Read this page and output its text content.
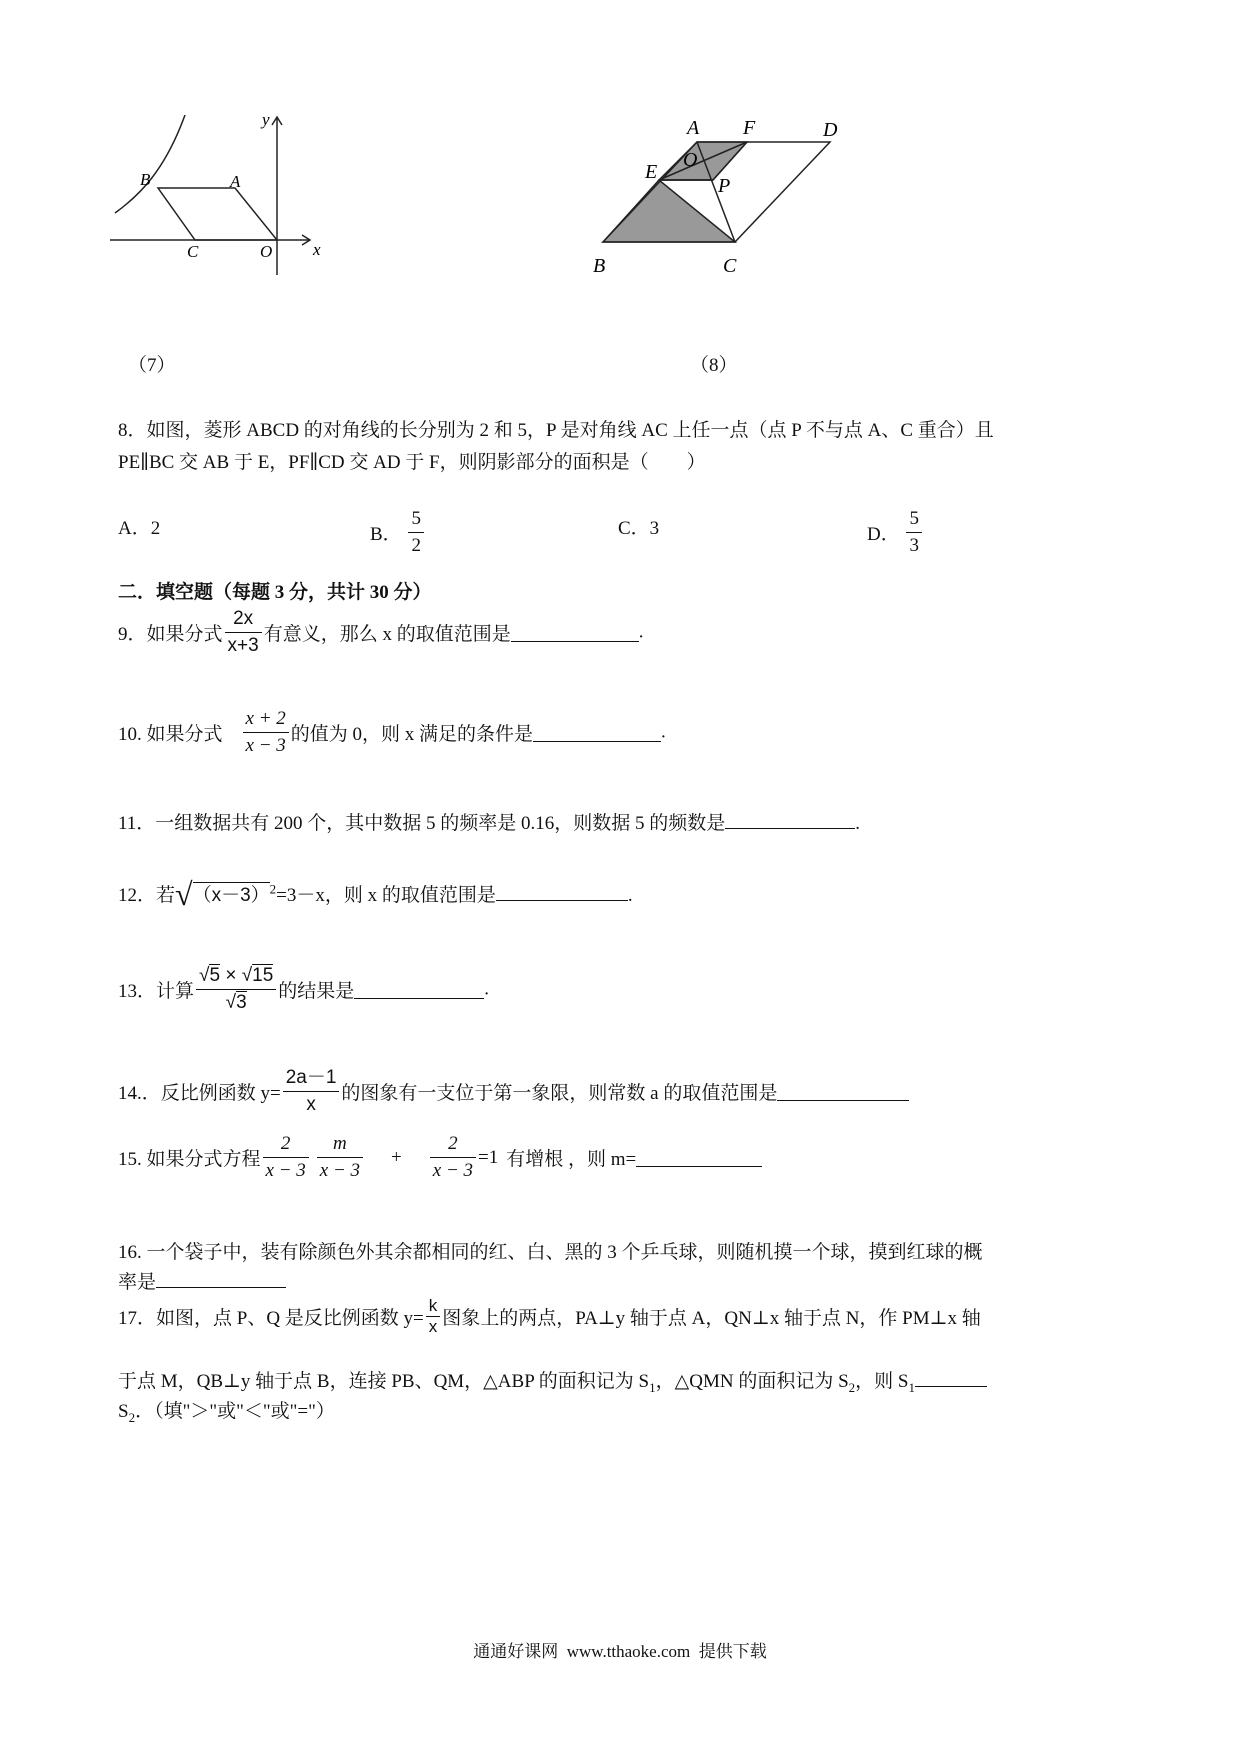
y
x
B	A
C	O
（7）
A F	D
O
E
P
B	C
（8）
8．如图，菱形 ABCD 的对角线的长分别为 2 和 5，P 是对角线 AC 上任一点（点 P 不与点 A、C 重合）且
PE∥BC 交 AB 于 E，PF∥CD 交 AD 于 F，则阴影部分的面积是（　　）
A．2	B． $\frac{5}{2}$	C．3	D． $\frac{5}{3}$
二．填空题（每题 3 分，共计 30 分）
9．如果分式 $\frac{2x}{x+3}$ 有意义，那么 x 的取值范围是	.
10. 如果分式 $\frac{x + 2}{x - 3}$ 的值为 0，则 x 满足的条件是	.
11．一组数据共有 200 个，其中数据 5 的频率是 0.16，则数据 5 的频数是	.
12．若$√(x-3)^2=3-x$，则 x 的取值范围是	.
13．计算 $\frac{√5 \times √15}{√3}$ 的结果是	.
14.．反比例函数 $y= \frac{2a-1}{x}$ 的图象有一支位于第一象限，则常数 a 的取值范围是
15. 如果分式方程 $\frac{2}{x - 3} \frac{m}{x - 3} + \frac{2}{x - 3} =1$ 有增根 ，则 m=
16. 一个袋子中，装有除颜色外其余都相同的红、白、黑的 3 个乒乓球，则随机摸一个球，摸到红球的概
率是
17．如图，点 P、Q 是反比例函数 $y= \frac{k}{x}$ 图象上的两点，PA⊥y 轴于点 A，QN⊥x 轴于点 N，作 PM⊥x 轴
于点 M，QB⊥y 轴于点 B，连接 PB、QM，△ABP 的面积记为 $S_1$，△QMN 的面积记为 $S_2$，则 $S_1$
$S_2$．（填"＞"或"＜"或"="）
通通好课网  www.tthaoke.com  提供下载
